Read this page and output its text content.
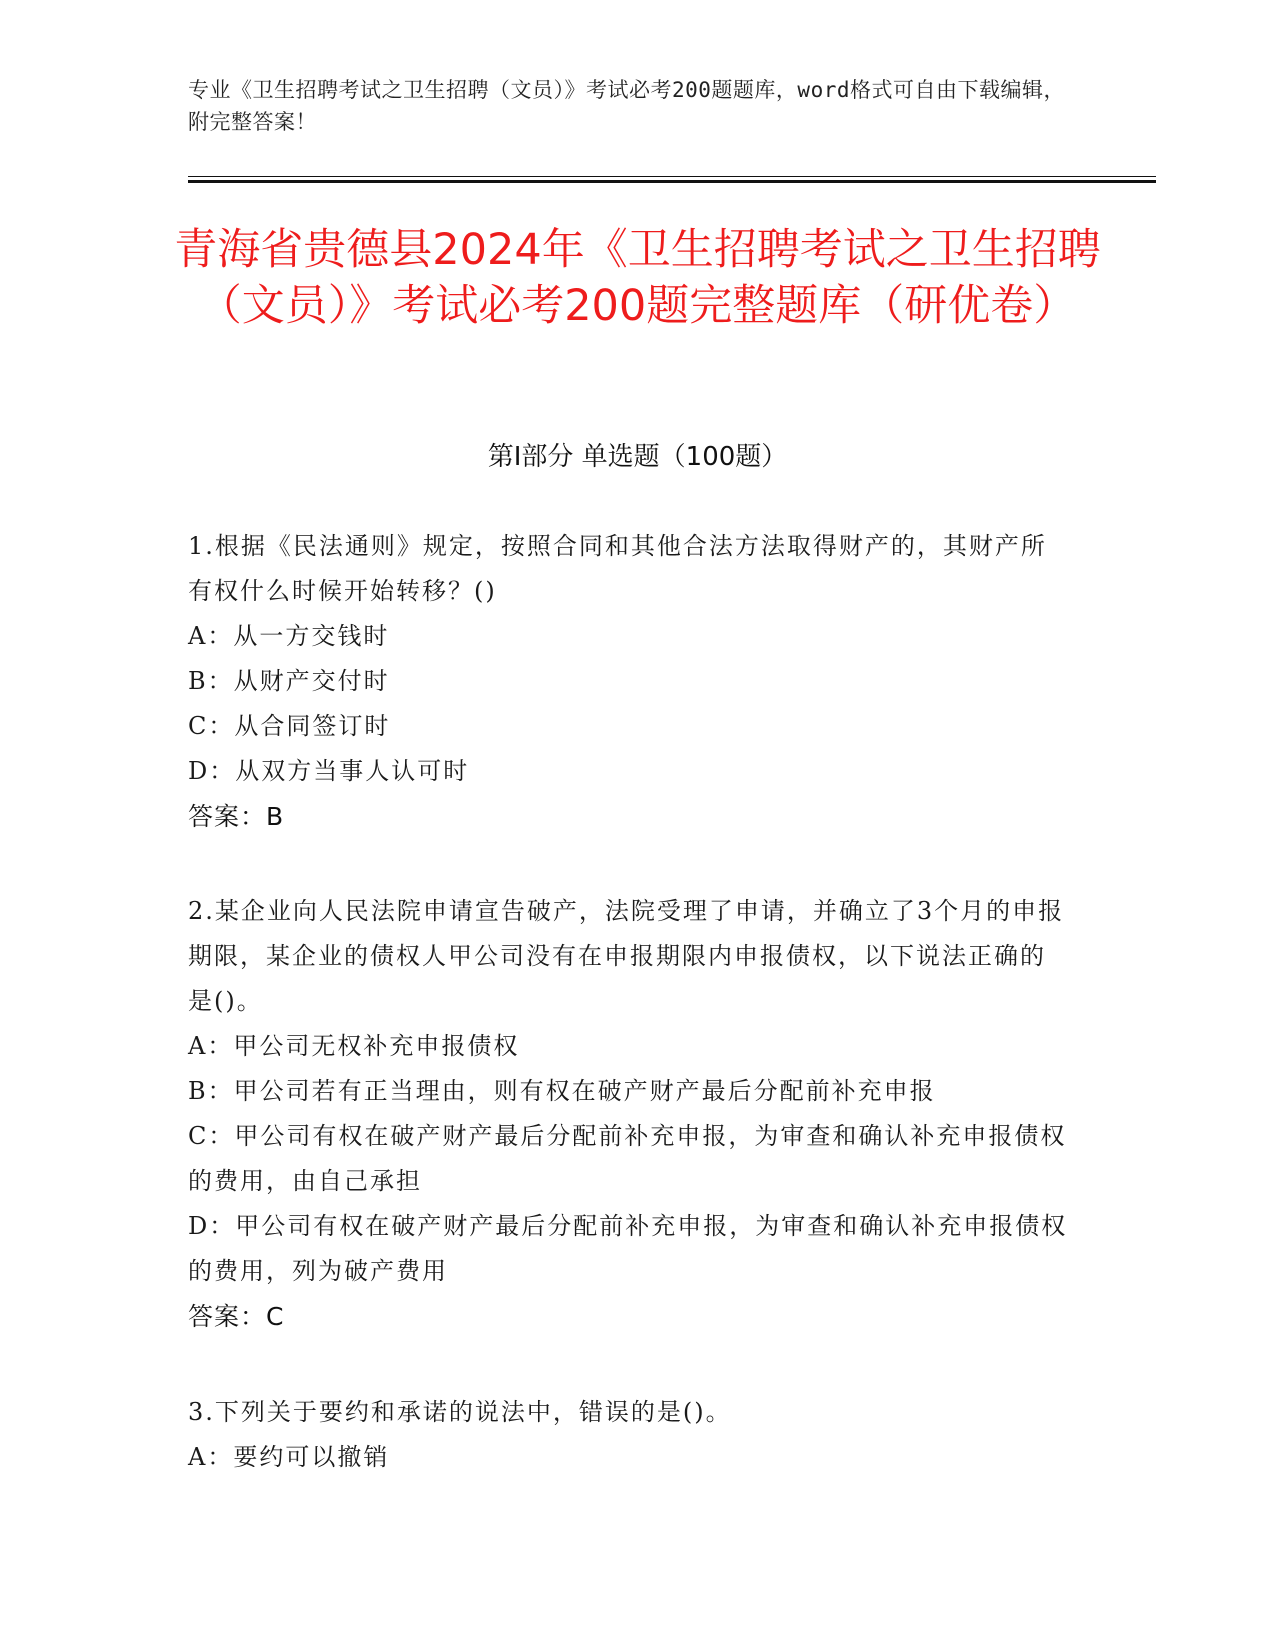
专业《卫生招聘考试之卫生招聘（文员）》考试必考200题题库，word格式可自由下载编辑，附完整答案！
青海省贵德县2024年《卫生招聘考试之卫生招聘（文员）》考试必考200题完整题库（研优卷）
第Ⅰ部分 单选题（100题）
1.根据《民法通则》规定，按照合同和其他合法方法取得财产的，其财产所有权什么时候开始转移？()
A：从一方交钱时
B：从财产交付时
C：从合同签订时
D：从双方当事人认可时
答案：B
2.某企业向人民法院申请宣告破产，法院受理了申请，并确立了3个月的申报期限，某企业的债权人甲公司没有在申报期限内申报债权，以下说法正确的是()。
A：甲公司无权补充申报债权
B：甲公司若有正当理由，则有权在破产财产最后分配前补充申报
C：甲公司有权在破产财产最后分配前补充申报，为审查和确认补充申报债权的费用，由自己承担
D：甲公司有权在破产财产最后分配前补充申报，为审查和确认补充申报债权的费用，列为破产费用
答案：C
3.下列关于要约和承诺的说法中，错误的是()。
A：要约可以撤销
